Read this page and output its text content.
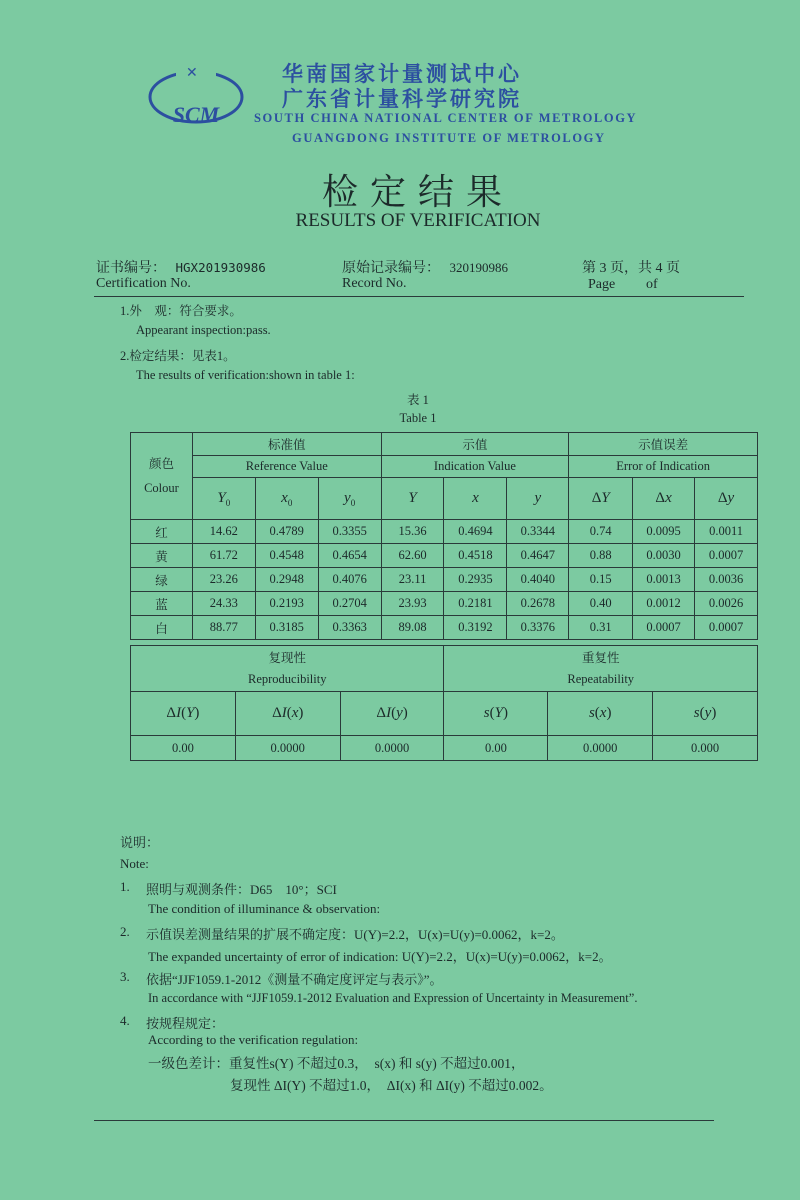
✕
SCM
华南国家计量测试中心
广东省计量科学研究院
SOUTH CHINA NATIONAL CENTER OF METROLOGY
GUANGDONG INSTITUTE OF METROLOGY
检定结果
RESULTS OF VERIFICATION
证书编号： HGX201930986
Certification No.
原始记录编号： 320190986
Record No.
第 3 页，共 4 页
Page of
1.外　观：符合要求。
Appearant inspection:pass.
2.检定结果：见表1。
The results of verification:shown in table 1:
表 1
Table 1
颜色
Colour	标准值			示值			示值误差		
	Reference Value			Indication Value			Error of Indication		
	$Y_0$	$x_0$	$y_0$	Y	x	y	ΔY	Δx	Δy
红	14.62	0.4789	0.3355	15.36	0.4694	0.3344	0.74	0.0095	0.0011
黄	61.72	0.4548	0.4654	62.60	0.4518	0.4647	0.88	0.0030	0.0007
绿	23.26	0.2948	0.4076	23.11	0.2935	0.4040	0.15	0.0013	0.0036
蓝	24.33	0.2193	0.2704	23.93	0.2181	0.2678	0.40	0.0012	0.0026
白	88.77	0.3185	0.3363	89.08	0.3192	0.3376	0.31	0.0007	0.0007
复现性			重复性		
Reproducibility			Repeatability		
ΔI(Y)	ΔI(x)	ΔI(y)	s(Y)	s(x)	s(y)
0.00	0.0000	0.0000	0.00	0.0000	0.000
说明：
Note:
1. 照明与观测条件：D65　10°；SCI
The condition of illuminance & observation:
2. 示值误差测量结果的扩展不确定度：U(Y)=2.2，U(x)=U(y)=0.0062，k=2。
The expanded uncertainty of error of indication: U(Y)=2.2，U(x)=U(y)=0.0062，k=2。
3. 依据“JJF1059.1-2012《测量不确定度评定与表示》”。
In accordance with “JJF1059.1-2012 Evaluation and Expression of Uncertainty in Measurement”.
4. 按规程规定：
According to the verification regulation:
一级色差计：重复性s(Y) 不超过0.3，　s(x) 和 s(y) 不超过0.001，
复现性 ΔI(Y) 不超过1.0，　ΔI(x) 和 ΔI(y) 不超过0.002。
